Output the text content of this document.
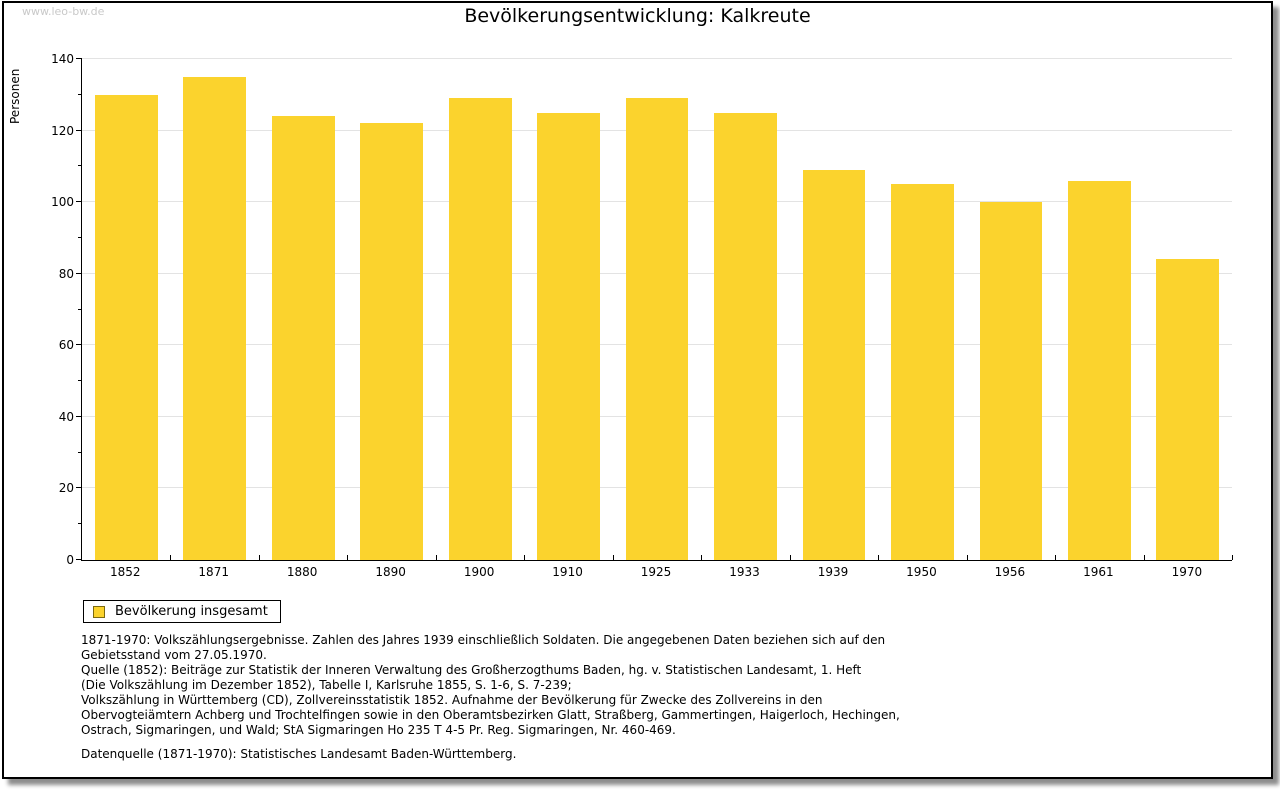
www.leo-bw.de	Bevölkerungsentwicklung: Kalkreute
Personen
0
20
40
60
80
100
120
140
1852	1871	1880	1890	1900	1910	1925	1933	1939	1950	1956	1961	1970
Bevölkerung insgesamt
1871-1970: Volkszählungsergebnisse. Zahlen des Jahres 1939 einschließlich Soldaten. Die angegebenen Daten beziehen sich auf den
Gebietsstand vom 27.05.1970.
Quelle (1852): Beiträge zur Statistik der Inneren Verwaltung des Großherzogthums Baden, hg. v. Statistischen Landesamt, 1. Heft
(Die Volkszählung im Dezember 1852), Tabelle I, Karlsruhe 1855, S. 1-6, S. 7-239;
Volkszählung in Württemberg (CD), Zollvereinsstatistik 1852. Aufnahme der Bevölkerung für Zwecke des Zollvereins in den
Obervogteiämtern Achberg und Trochtelfingen sowie in den Oberamtsbezirken Glatt, Straßberg, Gammertingen, Haigerloch, Hechingen,
Ostrach, Sigmaringen, und Wald; StA Sigmaringen Ho 235 T 4-5 Pr. Reg. Sigmaringen, Nr. 460-469.
Datenquelle (1871-1970): Statistisches Landesamt Baden-Württemberg.
